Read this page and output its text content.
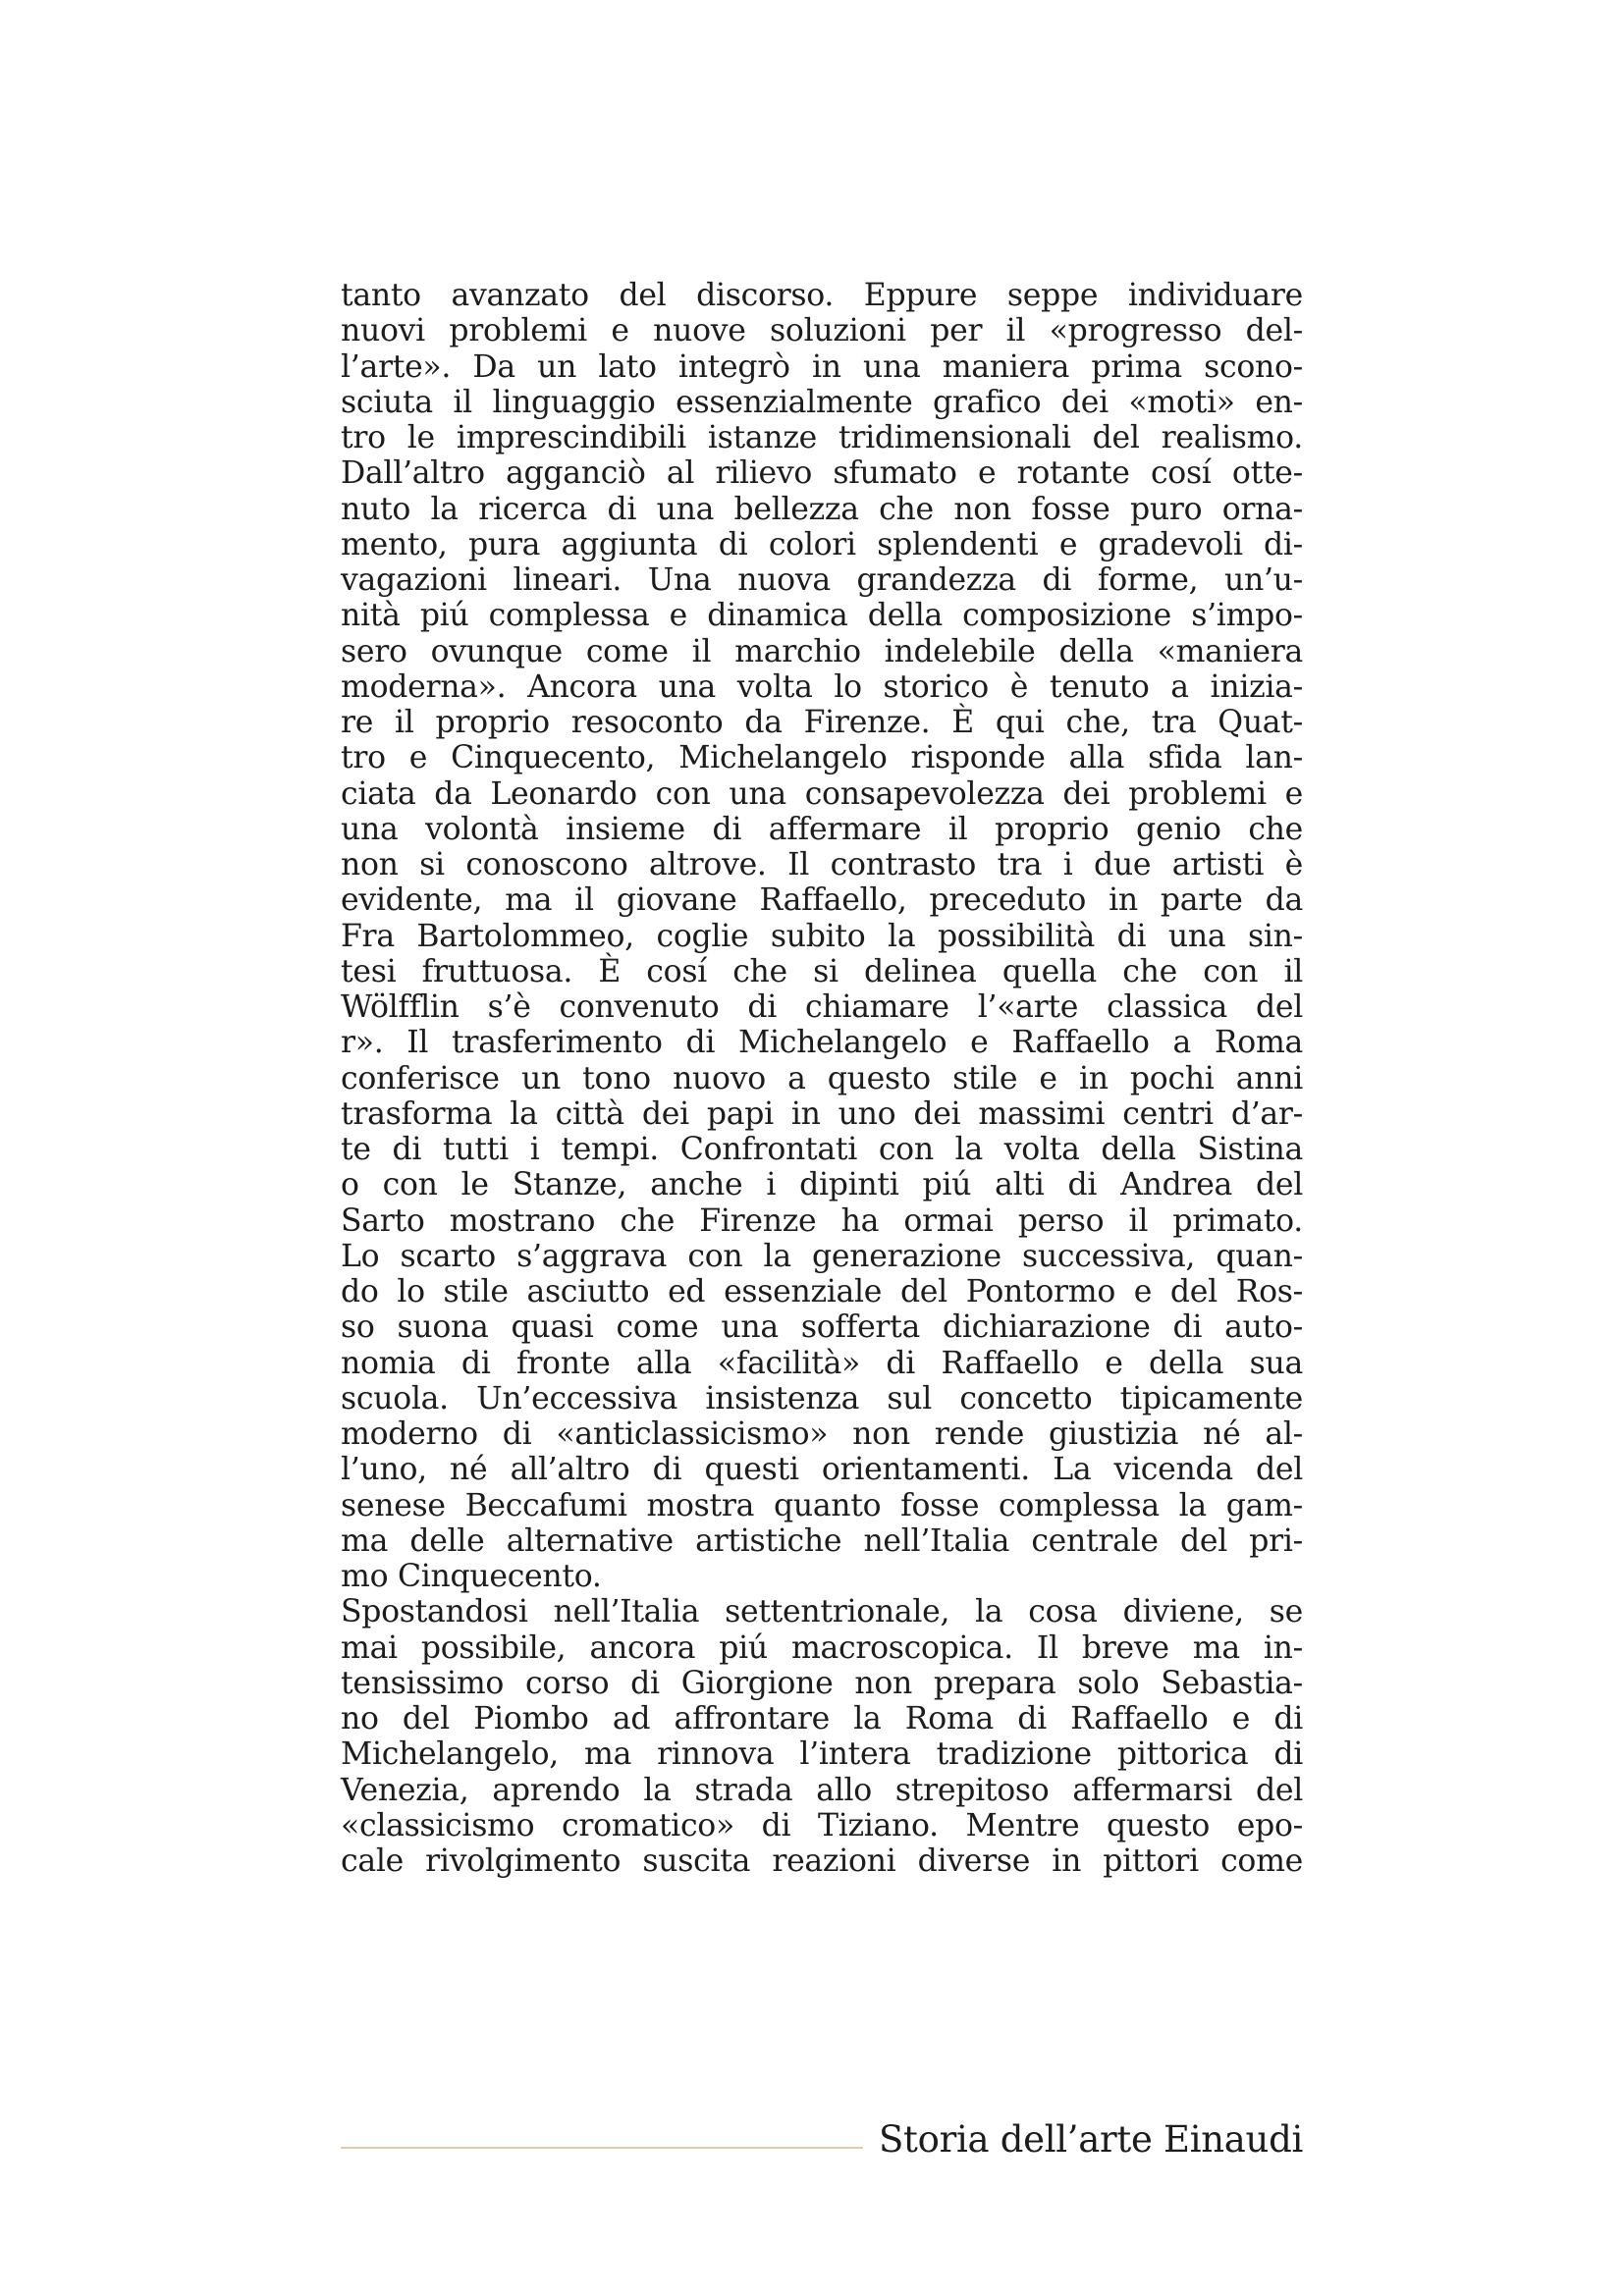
tanto avanzato del discorso. Eppure seppe individuare
nuovi problemi e nuove soluzioni per il «progresso del-
l’arte». Da un lato integrò in una maniera prima scono-
sciuta il linguaggio essenzialmente grafico dei «moti» en-
tro le imprescindibili istanze tridimensionali del realismo.
Dall’altro agganciò al rilievo sfumato e rotante cosí otte-
nuto la ricerca di una bellezza che non fosse puro orna-
mento, pura aggiunta di colori splendenti e gradevoli di-
vagazioni lineari. Una nuova grandezza di forme, un’u-
nità piú complessa e dinamica della composizione s’impo-
sero ovunque come il marchio indelebile della «maniera
moderna». Ancora una volta lo storico è tenuto a inizia-
re il proprio resoconto da Firenze. È qui che, tra Quat-
tro e Cinquecento, Michelangelo risponde alla sfida lan-
ciata da Leonardo con una consapevolezza dei problemi e
una volontà insieme di affermare il proprio genio che
non si conoscono altrove. Il contrasto tra i due artisti è
evidente, ma il giovane Raffaello, preceduto in parte da
Fra Bartolommeo, coglie subito la possibilità di una sin-
tesi fruttuosa. È cosí che si delinea quella che con il
Wölfflin s’è convenuto di chiamare l’«arte classica del
r». Il trasferimento di Michelangelo e Raffaello a Roma
conferisce un tono nuovo a questo stile e in pochi anni
trasforma la città dei papi in uno dei massimi centri d’ar-
te di tutti i tempi. Confrontati con la volta della Sistina
o con le Stanze, anche i dipinti piú alti di Andrea del
Sarto mostrano che Firenze ha ormai perso il primato.
Lo scarto s’aggrava con la generazione successiva, quan-
do lo stile asciutto ed essenziale del Pontormo e del Ros-
so suona quasi come una sofferta dichiarazione di auto-
nomia di fronte alla «facilità» di Raffaello e della sua
scuola. Un’eccessiva insistenza sul concetto tipicamente
moderno di «anticlassicismo» non rende giustizia né al-
l’uno, né all’altro di questi orientamenti. La vicenda del
senese Beccafumi mostra quanto fosse complessa la gam-
ma delle alternative artistiche nell’Italia centrale del pri-
mo Cinquecento.
Spostandosi nell’Italia settentrionale, la cosa diviene, se
mai possibile, ancora piú macroscopica. Il breve ma in-
tensissimo corso di Giorgione non prepara solo Sebastia-
no del Piombo ad affrontare la Roma di Raffaello e di
Michelangelo, ma rinnova l’intera tradizione pittorica di
Venezia, aprendo la strada allo strepitoso affermarsi del
«classicismo cromatico» di Tiziano. Mentre questo epo-
cale rivolgimento suscita reazioni diverse in pittori come
Storia dell’arte Einaudi
